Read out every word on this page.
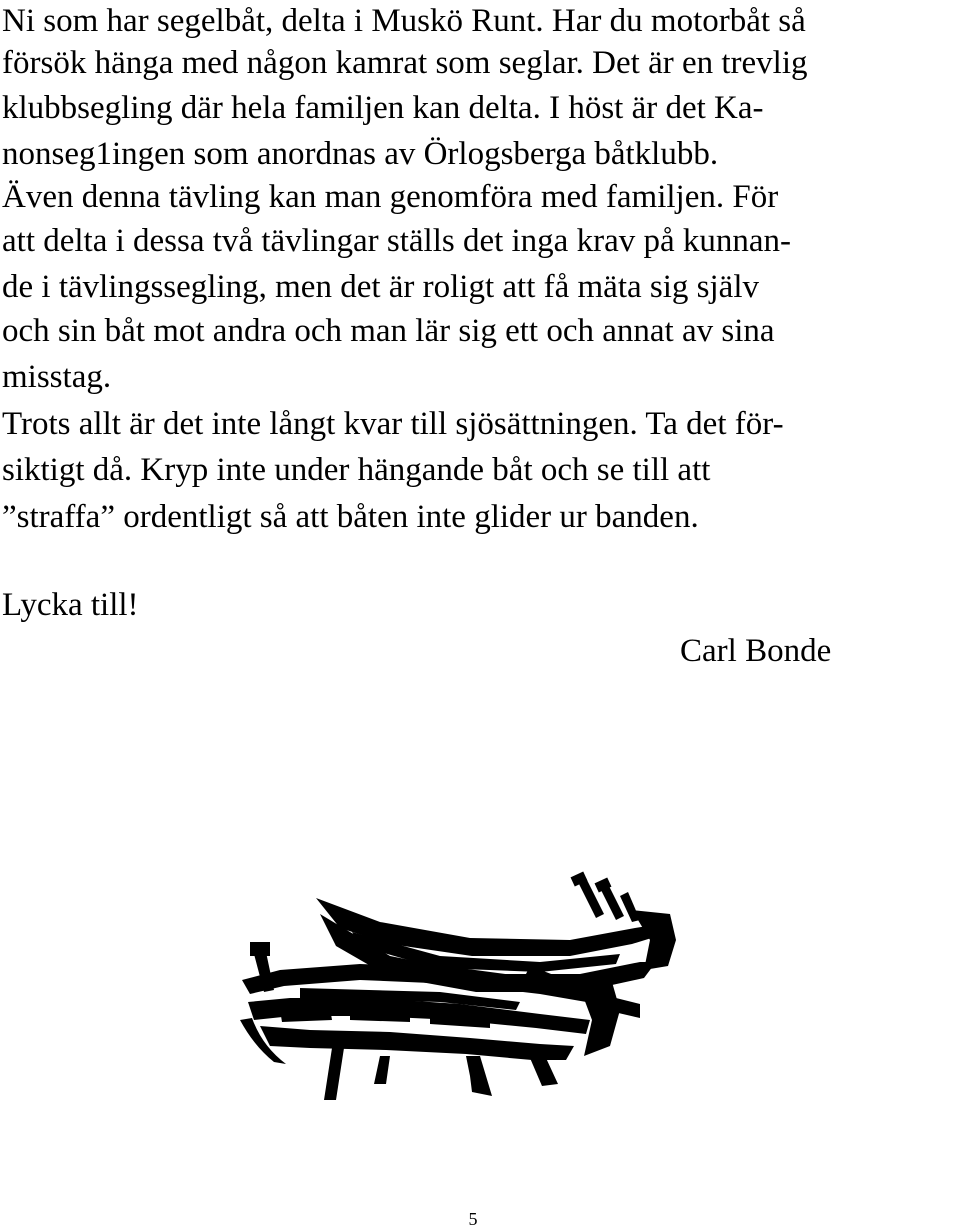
Ni som har segelbåt, delta i Muskö Runt. Har du motorbåt så
försök hänga med någon kamrat som seglar. Det är en trevlig
klubbsegling där hela familjen kan delta. I höst är det Ka-
nonseg1ingen som anordnas av Örlogsberga båtklubb.
Även denna tävling kan man genomföra med familjen. För
att delta i dessa två tävlingar ställs det inga krav på kunnan-
de i tävlingssegling, men det är roligt att få mäta sig själv
och sin båt mot andra och man lär sig ett och annat av sina
misstag.
Trots allt är det inte långt kvar till sjösättningen. Ta det för-
siktigt då. Kryp inte under hängande båt och se till att
”straffa” ordentligt så att båten inte glider ur banden.
Lycka till!
Carl Bonde
5
